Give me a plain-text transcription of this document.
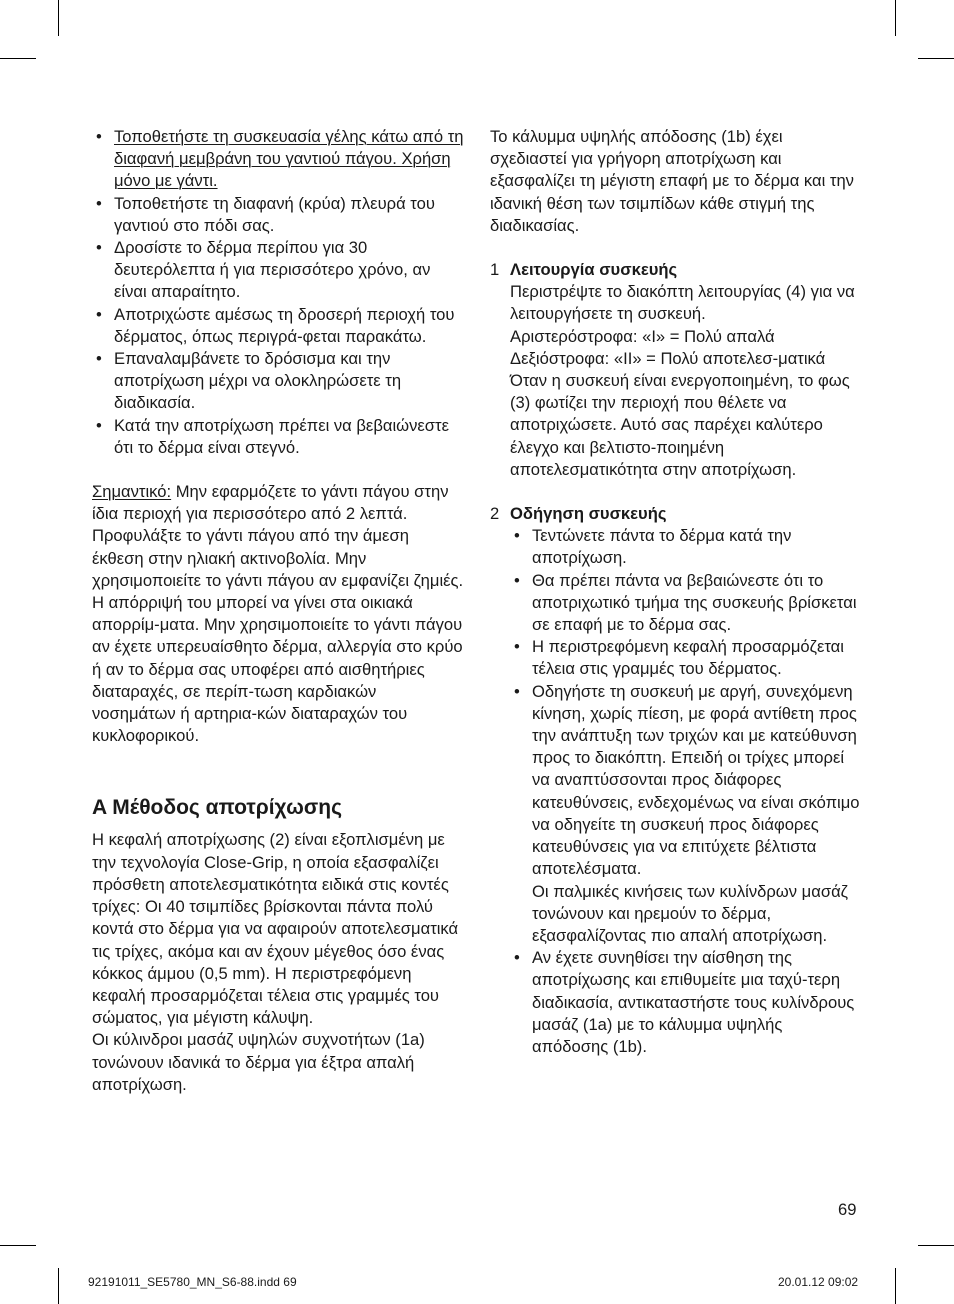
• Τοποθετήστε τη συσκευασία γέλης κάτω από τη διαφανή μεμβράνη του γαντιού πάγου. Χρήση μόνο με γάντι.
• Τοποθετήστε τη διαφανή (κρύα) πλευρά του γαντιού στο πόδι σας.
• Δροσίστε το δέρμα περίπου για 30 δευτερόλεπτα ή για περισσότερο χρόνο, αν είναι απαραίτητο.
• Αποτριχώστε αμέσως τη δροσερή περιοχή του δέρματος, όπως περιγρά-φεται παρακάτω.
• Επαναλαμβάνετε το δρόσισμα και την αποτρίχωση μέχρι να ολοκληρώσετε τη διαδικασία.
• Κατά την αποτρίχωση πρέπει να βεβαιώνεστε ότι το δέρμα είναι στεγνό.

Σημαντικό: Μην εφαρμόζετε το γάντι πάγου στην ίδια περιοχή για περισσότερο από 2 λεπτά. Προφυλάξτε το γάντι πάγου από την άμεση έκθεση στην ηλιακή ακτινοβολία. Μην χρησιμοποιείτε το γάντι πάγου αν εμφανίζει ζημιές. Η απόρριψή του μπορεί να γίνει στα οικιακά απορρίμ-ματα. Μην χρησιμοποιείτε το γάντι πάγου αν έχετε υπερευαίσθητο δέρμα, αλλεργία στο κρύο ή αν το δέρμα σας υποφέρει από αισθητήριες διαταραχές, σε περίπ-τωση καρδιακών νοσημάτων ή αρτηρια-κών διαταραχών του κυκλοφορικού.

A Μέθοδος αποτρίχωσης

Η κεφαλή αποτρίχωσης (2) είναι εξοπλισμένη με την τεχνολογία Close-Grip, η οποία εξασφαλίζει πρόσθετη αποτελεσματικότητα ειδικά στις κοντές τρίχες: Οι 40 τσιμπίδες βρίσκονται πάντα πολύ κοντά στο δέρμα για να αφαιρούν αποτελεσματικά τις τρίχες, ακόμα και αν έχουν μέγεθος όσο ένας κόκκος άμμου (0,5 mm). Η περιστρεφόμενη κεφαλή προσαρμόζεται τέλεια στις γραμμές του σώματος, για μέγιστη κάλυψη.

Οι κύλινδροι μασάζ υψηλών συχνοτήτων (1a) τονώνουν ιδανικά το δέρμα για έξτρα απαλή αποτρίχωση.

Το κάλυμμα υψηλής απόδοσης (1b) έχει σχεδιαστεί για γρήγορη αποτρίχωση και εξασφαλίζει τη μέγιστη επαφή με το δέρμα και την ιδανική θέση των τσιμπίδων κάθε στιγμή της διαδικασίας.

1 Λειτουργία συσκευής
Περιστρέψτε το διακόπτη λειτουργίας (4) για να λειτουργήσετε τη συσκευή.
Αριστερόστροφα: «I» = Πολύ απαλά
Δεξιόστροφα: «II» = Πολύ αποτελεσ-ματικά
Όταν η συσκευή είναι ενεργοποιημένη, το φως (3) φωτίζει την περιοχή που θέλετε να αποτριχώσετε. Αυτό σας παρέχει καλύτερο έλεγχο και βελτιστο-ποιημένη αποτελεσματικότητα στην αποτρίχωση.
2 Οδήγηση συσκευής
• Τεντώνετε πάντα το δέρμα κατά την αποτρίχωση.
• Θα πρέπει πάντα να βεβαιώνεστε ότι το αποτριχωτικό τμήμα της συσκευής βρίσκεται σε επαφή με το δέρμα σας.
• Η περιστρεφόμενη κεφαλή προσαρμόζεται τέλεια στις γραμμές του δέρματος.
• Οδηγήστε τη συσκευή με αργή, συνεχόμενη κίνηση, χωρίς πίεση, με φορά αντίθετη προς την ανάπτυξη των τριχών και με κατεύθυνση προς το διακόπτη. Επειδή οι τρίχες μπορεί να αναπτύσσονται προς διάφορες κατευθύνσεις, ενδεχομένως να είναι σκόπιμο να οδηγείτε τη συσκευή προς διάφορες κατευθύνσεις για να επιτύχετε βέλτιστα αποτελέσματα.
Οι παλμικές κινήσεις των κυλίνδρων μασάζ τονώνουν και ηρεμούν το δέρμα, εξασφαλίζοντας πιο απαλή αποτρίχωση.
• Αν έχετε συνηθίσει την αίσθηση της αποτρίχωσης και επιθυμείτε μια ταχύ-τερη διαδικασία, αντικαταστήστε τους κυλίνδρους μασάζ (1a) με το κάλυμμα υψηλής απόδοσης (1b).
69
92191011_SE5780_MN_S6-88.indd 69	20.01.12 09:02
